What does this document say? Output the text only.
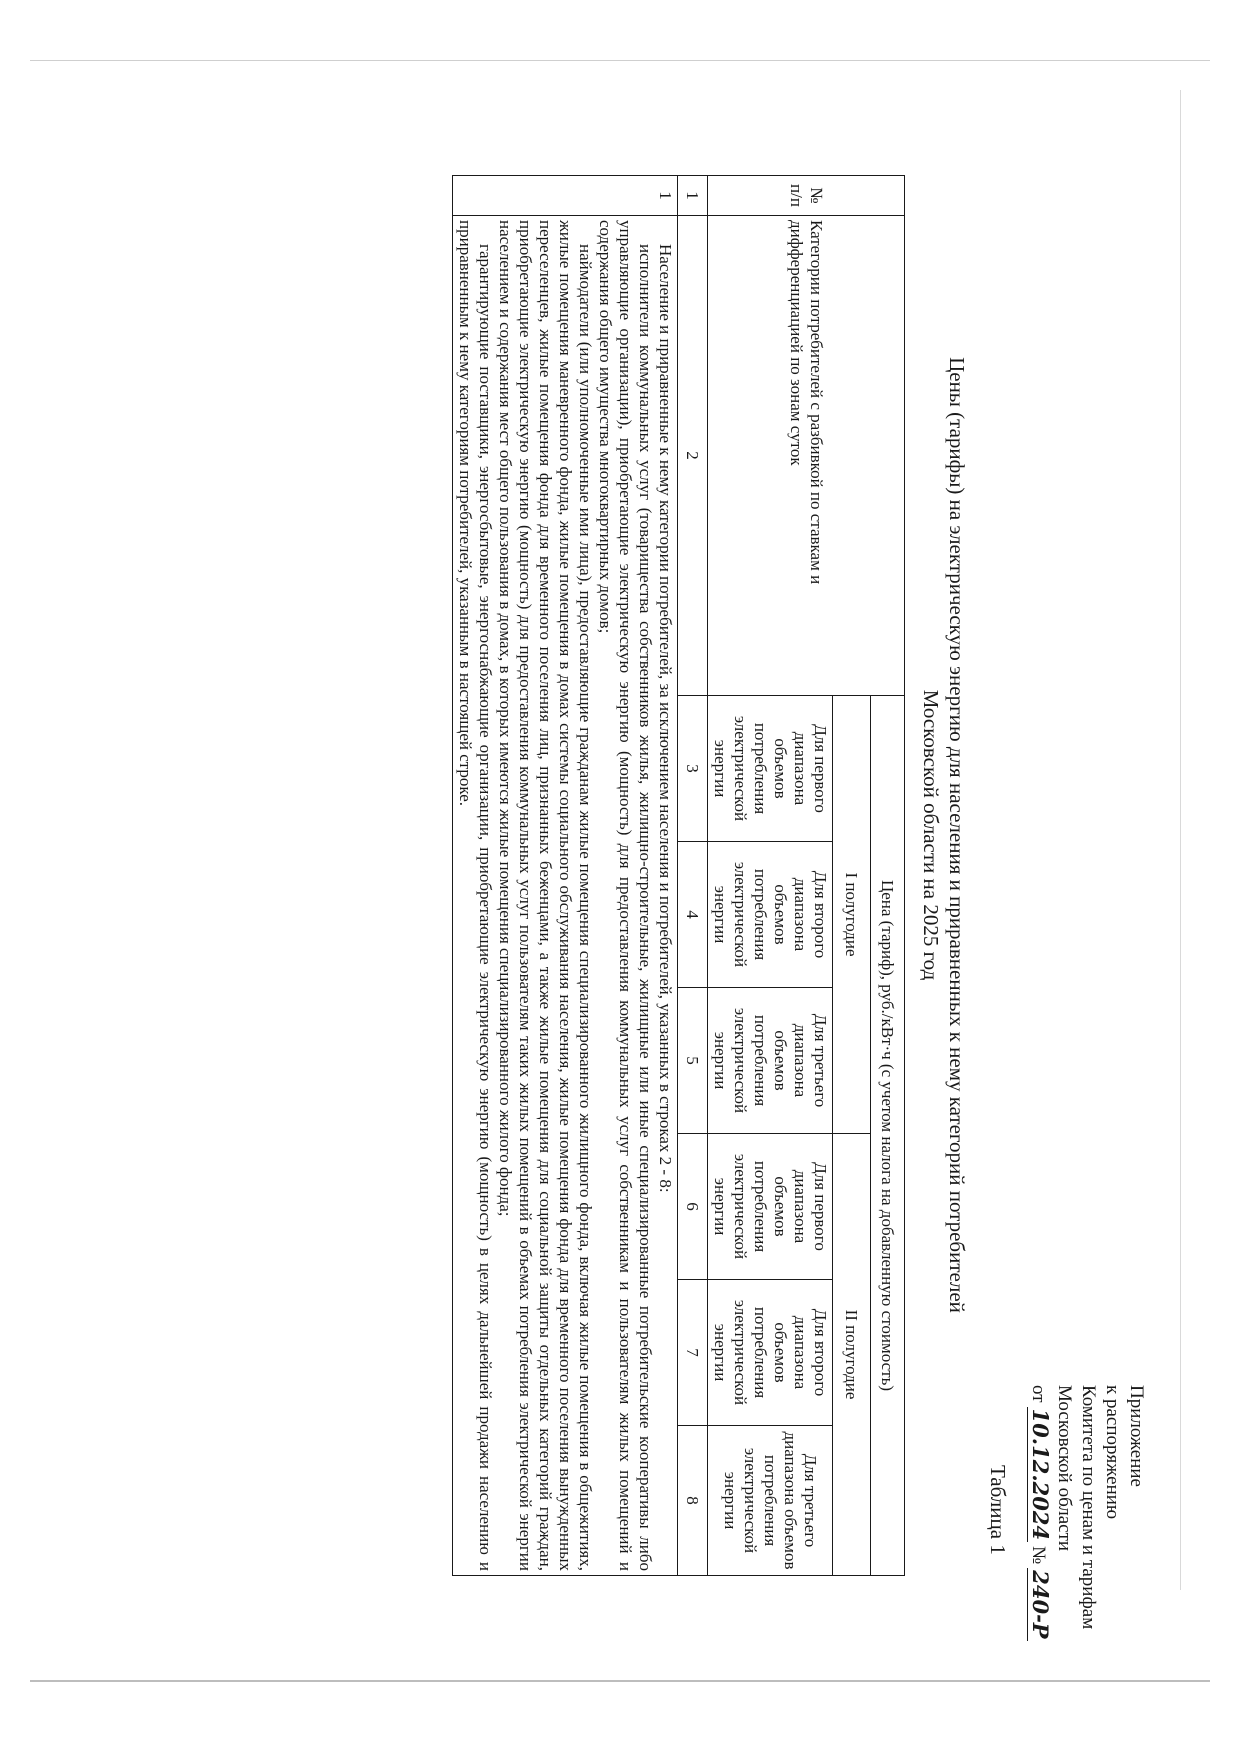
Приложение
к распоряжению
Комитета по ценам и тарифам
Московской области
от
10.12.2024
№
240-Р
Таблица 1
Цены (тарифы) на электрическую энергию для населения и приравненных к нему категорий потребителей
Московской области на 2025 год
№ п/п	Категории потребителей с разбивкой по ставкам и дифференциацией по зонам суток	Цена (тариф), руб./кВт·ч (с учетом налога на добавленную стоимость)					
		I полугодие			II полугодие		
		Для первого диапазона объемов потребления электрической энергии	Для второго диапазона объемов потребления электрической энергии	Для третьего диапазона объемов потребления электрической энергии	Для первого диапазона объемов потребления электрической энергии	Для второго диапазона объемов потребления электрической энергии	Для третьего диапазона объемов потребления электрической энергии
1	2	3	4	5	6	7	8
1	Население и приравненные к нему категории потребителей, за исключением населения и потребителей, указанных в строках 2 - 8:

исполнители коммунальных услуг (товарищества собственников жилья, жилищно-строительные, жилищные или иные специализированные потребительские кооперативы либо управляющие организации), приобретающие электрическую энергию (мощность) для предоставления коммунальных услуг собственникам и пользователям жилых помещений и содержания общего имущества многоквартирных домов;

наймодатели (или уполномоченные ими лица), предоставляющие гражданам жилые помещения специализированного жилищного фонда, включая жилые помещения в общежитиях, жилые помещения маневренного фонда, жилые помещения в домах системы социального обслуживания населения, жилые помещения фонда для временного поселения вынужденных переселенцев, жилые помещения фонда для временного поселения лиц, признанных беженцами, а также жилые помещения для социальной защиты отдельных категорий граждан, приобретающие электрическую энергию (мощность) для предоставления коммунальных услуг пользователям таких жилых помещений в объемах потребления электрической энергии населением и содержания мест общего пользования в домах, в которых имеются жилые помещения специализированного жилого фонда;

гарантирующие поставщики, энергосбытовые, энергоснабжающие организации, приобретающие электрическую энергию (мощность) в целях дальнейшей продажи населению и приравненным к нему категориям потребителей, указанным в настоящей строке.						
